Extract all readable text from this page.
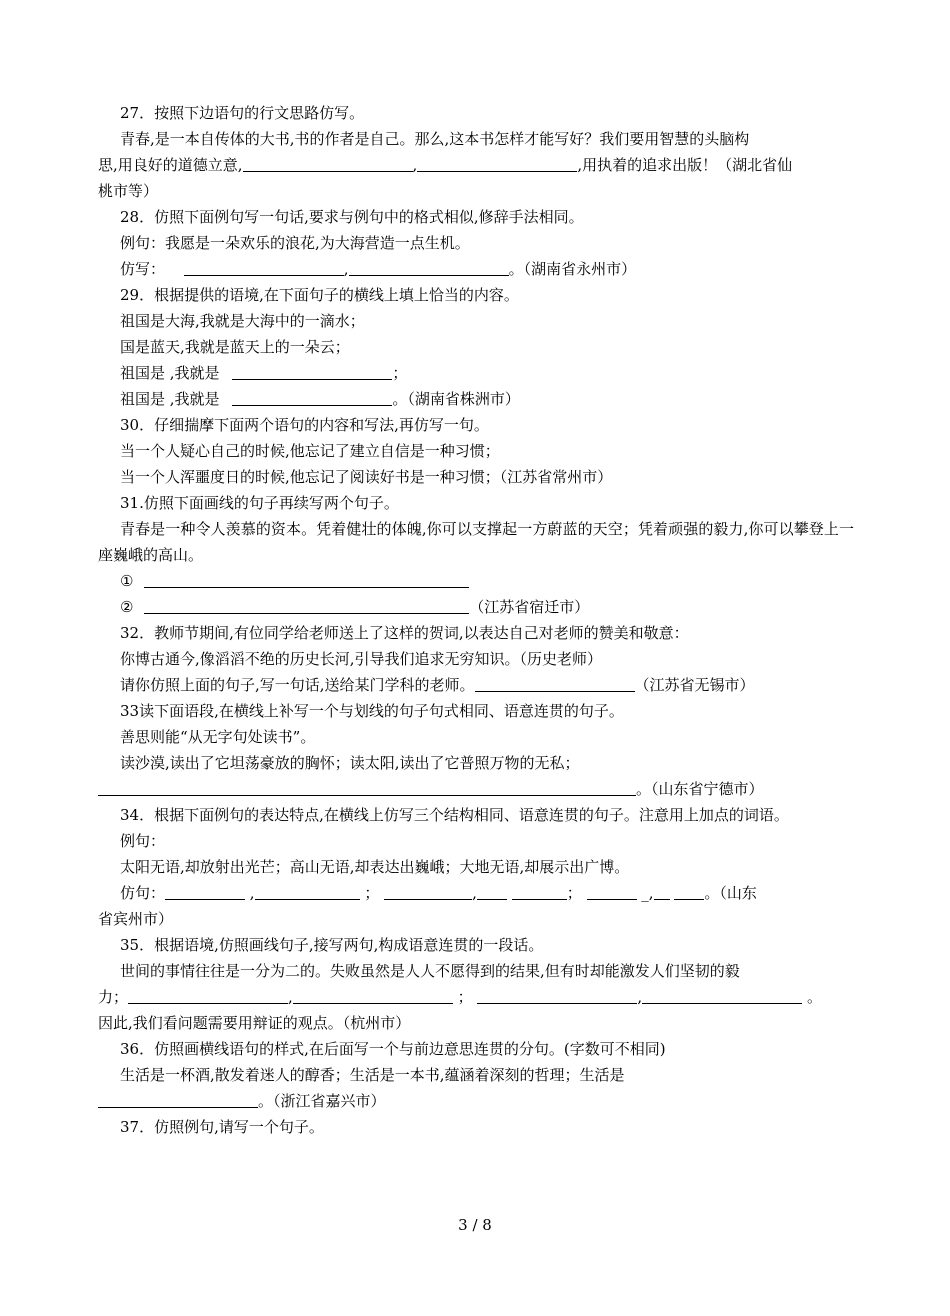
27．按照下边语句的行文思路仿写。
青春,是一本自传体的大书,书的作者是自己。那么,这本书怎样才能写好？我们要用智慧的头脑构
思,用良好的道德立意,	,	,用执着的追求出版！（湖北省仙
桃市等）
28．仿照下面例句写一句话,要求与例句中的格式相似,修辞手法相同。
例句：我愿是一朵欢乐的浪花,为大海营造一点生机。
仿写：	,	。（湖南省永州市）
29．根据提供的语境,在下面句子的横线上填上恰当的内容。
祖国是大海,我就是大海中的一滴水；
国是蓝天,我就是蓝天上的一朵云；
祖国是 ,我就是	；
祖国是 ,我就是	。（湖南省株洲市）
30．仔细揣摩下面两个语句的内容和写法,再仿写一句。
当一个人疑心自己的时候,他忘记了建立自信是一种习惯；
当一个人浑噩度日的时候,他忘记了阅读好书是一种习惯；（江苏省常州市）
31.仿照下面画线的句子再续写两个句子。
青春是一种令人羡慕的资本。凭着健壮的体魄,你可以支撑起一方蔚蓝的天空；凭着顽强的毅力,你可以攀登上一座巍峨的高山。
①
②	（江苏省宿迁市）
32．教师节期间,有位同学给老师送上了这样的贺词,以表达自己对老师的赞美和敬意：
你博古通今,像滔滔不绝的历史长河,引导我们追求无穷知识。（历史老师）
请你仿照上面的句子,写一句话,送给某门学科的老师。	（江苏省无锡市）
33读下面语段,在横线上补写一个与划线的句子句式相同、语意连贯的句子。
善思则能“从无字句处读书”。
读沙漠,读出了它坦荡豪放的胸怀；读太阳,读出了它普照万物的无私；
。（山东省宁德市）
34．根据下面例句的表达特点,在横线上仿写三个结构相同、语意连贯的句子。注意用上加点的词语。
例句：
太阳无语,却放射出光芒；高山无语,却表达出巍峨；大地无语,却展示出广博。
仿句：	,	；	,	；	_,	。（山东
省宾州市）
35．根据语境,仿照画线句子,接写两句,构成语意连贯的一段话。
世间的事情往往是一分为二的。失败虽然是人人不愿得到的结果,但有时却能激发人们坚韧的毅
力；	,	；	,	。
因此,我们看问题需要用辩证的观点。（杭州市）
36．仿照画横线语句的样式,在后面写一个与前边意思连贯的分句。(字数可不相同)
生活是一杯酒,散发着迷人的醇香；生活是一本书,蕴涵着深刻的哲理；生活是
。（浙江省嘉兴市）
37．仿照例句,请写一个句子。
3 / 8
